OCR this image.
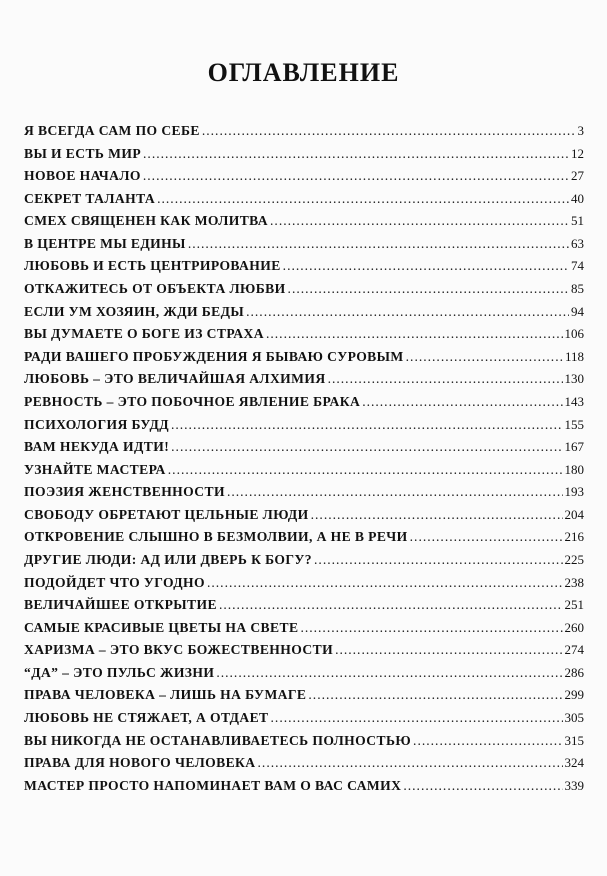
ОГЛАВЛЕНИЕ
Я ВСЕГДА САМ ПО СЕБЕ .....	3
ВЫ И ЕСТЬ МИР .....	12
НОВОЕ НАЧАЛО .....	27
СЕКРЕТ ТАЛАНТА .....	40
СМЕХ СВЯЩЕНЕН КАК МОЛИТВА .....	51
В ЦЕНТРЕ МЫ ЕДИНЫ .....	63
ЛЮБОВЬ И ЕСТЬ ЦЕНТРИРОВАНИЕ .....	74
ОТКАЖИТЕСЬ ОТ ОБЪЕКТА ЛЮБВИ .....	85
ЕСЛИ УМ ХОЗЯИН, ЖДИ БЕДЫ .....	94
ВЫ ДУМАЕТЕ О БОГЕ ИЗ СТРАХА .....	106
РАДИ ВАШЕГО ПРОБУЖДЕНИЯ Я БЫВАЮ СУРОВЫМ .....	118
ЛЮБОВЬ – ЭТО ВЕЛИЧАЙШАЯ АЛХИМИЯ .....	130
РЕВНОСТЬ – ЭТО ПОБОЧНОЕ ЯВЛЕНИЕ БРАКА .....	143
ПСИХОЛОГИЯ БУДД .....	155
ВАМ НЕКУДА ИДТИ! .....	167
УЗНАЙТЕ МАСТЕРА .....	180
ПОЭЗИЯ ЖЕНСТВЕННОСТИ .....	193
СВОБОДУ ОБРЕТАЮТ ЦЕЛЬНЫЕ ЛЮДИ .....	204
ОТКРОВЕНИЕ СЛЫШНО В БЕЗМОЛВИИ, А НЕ В РЕЧИ .....	216
ДРУГИЕ ЛЮДИ: АД ИЛИ ДВЕРЬ К БОГУ? .....	225
ПОДОЙДЕТ ЧТО УГОДНО .....	238
ВЕЛИЧАЙШЕЕ ОТКРЫТИЕ .....	251
САМЫЕ КРАСИВЫЕ ЦВЕТЫ НА СВЕТЕ .....	260
ХАРИЗМА – ЭТО ВКУС БОЖЕСТВЕННОСТИ .....	274
“ДА” – ЭТО ПУЛЬС ЖИЗНИ .....	286
ПРАВА ЧЕЛОВЕКА – ЛИШЬ НА БУМАГЕ .....	299
ЛЮБОВЬ НЕ СТЯЖАЕТ, А ОТДАЕТ .....	305
ВЫ НИКОГДА НЕ ОСТАНАВЛИВАЕТЕСЬ ПОЛНОСТЬЮ .....	315
ПРАВА ДЛЯ НОВОГО ЧЕЛОВЕКА .....	324
МАСТЕР ПРОСТО НАПОМИНАЕТ ВАМ О ВАС САМИХ .....	339
